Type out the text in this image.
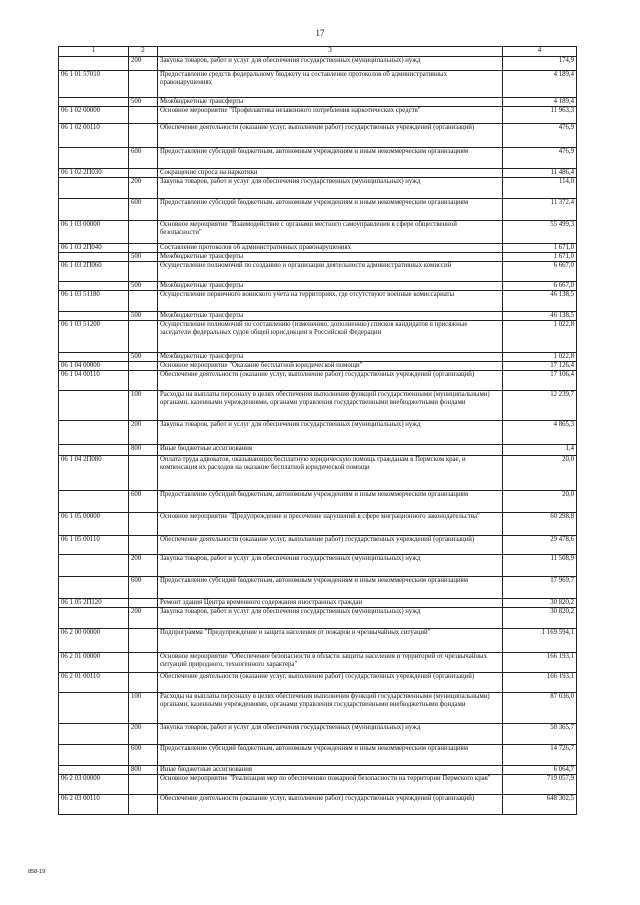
17
1	2	3	4
	200	Закупка товаров, работ и услуг для обеспечения государственных (муниципальных) нужд	174,9
06 1 01 57010		Предоставление средств федеральному бюджету на составление протоколов об административных правонарушениях	4 189,4
	500	Межбюджетные трансферты	4 189,4
06 1 02 00000		Основное мероприятие "Профилактика незаконного потребления наркотических средств"	11 963,3
06 1 02 00110		Обеспечение деятельности (оказание услуг, выполнение работ) государственных учреждений (организаций)	476,9
	600	Предоставление субсидий бюджетным, автономным учреждениям и иным некоммерческим организациям	476,9
06 1 02 2П030		Сокращение спроса на наркотики	11 486,4
	200	Закупка товаров, работ и услуг для обеспечения государственных (муниципальных) нужд	114,0
	600	Предоставление субсидий бюджетным, автономным учреждениям и иным некоммерческим организациям	11 372,4
06 1 03 00000		Основное мероприятие "Взаимодействие с органами местного самоуправления в сфере общественной безопасности"	55 499,3
06 1 03 2П040		Составление протоколов об административных правонарушениях	1 671,0
	500	Межбюджетные трансферты	1 671,0
06 1 03 2П060		Осуществление полномочий по созданию и организации деятельности административных комиссий	6 667,0
	500	Межбюджетные трансферты	6 667,0
06 1 03 51180		Осуществление первичного воинского учета на территориях, где отсутствуют военные комиссариаты	46 138,5
	500	Межбюджетные трансферты	46 138,5
06 1 03 51200		Осуществление полномочий по составлению (изменению, дополнению) списков кандидатов в присяжные заседатели федеральных судов общей юрисдикции в Российской Федерации	1 022,8
	500	Межбюджетные трансферты	1 022,8
06 1 04 00000		Основное мероприятие "Оказание бесплатной юридической помощи"	17 126,4
06 1 04 00110		Обеспечение деятельности (оказание услуг, выполнение работ) государственных учреждений (организаций)	17 106,4
	100	Расходы на выплаты персоналу в целях обеспечения выполнения функций государственными (муниципальными) органами, казенными учреждениями, органами управления государственными внебюджетными фондами	12 239,7
	200	Закупка товаров, работ и услуг для обеспечения государственных (муниципальных) нужд	4 865,3
	800	Иные бюджетные ассигнования	1,4
06 1 04 2П080		Оплата труда адвокатов, оказывающих бесплатную юридическую помощь гражданам в Пермском крае, и компенсация их расходов на оказание бесплатной юридической помощи	20,0
	600	Предоставление субсидий бюджетным, автономным учреждениям и иным некоммерческим организациям	20,0
06 1 05 00000		Основное мероприятие "Предупреждение и пресечение нарушений в сфере миграционного законодательства"	60 298,8
06 1 05 00110		Обеспечение деятельности (оказание услуг, выполнение работ) государственных учреждений (организаций)	29 478,6
	200	Закупка товаров, работ и услуг для обеспечения государственных (муниципальных) нужд	11 508,9
	600	Предоставление субсидий бюджетным, автономным учреждениям и иным некоммерческим организациям	17 969,7
06 1 05 2П120		Ремонт здания Центра временного содержания иностранных граждан	30 820,2
	200	Закупка товаров, работ и услуг для обеспечения государственных (муниципальных) нужд	30 820,2
06 2 00 00000		Подпрограмма "Предупреждение и защита населения от пожаров и чрезвычайных ситуаций"	1 169 594,1
06 2 01 00000		Основное мероприятие "Обеспечение безопасности в области защиты населения и территорий от чрезвычайных ситуаций природного, техногенного характера"	166 193,1
06 2 01 00110		Обеспечение деятельности (оказание услуг, выполнение работ) государственных учреждений (организаций)	166 193,1
	100	Расходы на выплаты персоналу в целях обеспечения выполнения функций государственными (муниципальными) органами, казенными учреждениями, органами управления государственными внебюджетными фондами	87 036,0
	200	Закупка товаров, работ и услуг для обеспечения государственных (муниципальных) нужд	58 365,7
	600	Предоставление субсидий бюджетным, автономным учреждениям и иным некоммерческим организациям	14 726,7
	800	Иные бюджетные ассигнования	6 064,7
06 2 03 00000		Основное мероприятие "Реализация мер по обеспечению пожарной безопасности на территории Пермского края"	719 057,9
06 2 03 00110		Обеспечение деятельности (оказание услуг, выполнение работ) государственных учреждений (организаций)	648 302,5
858-19
